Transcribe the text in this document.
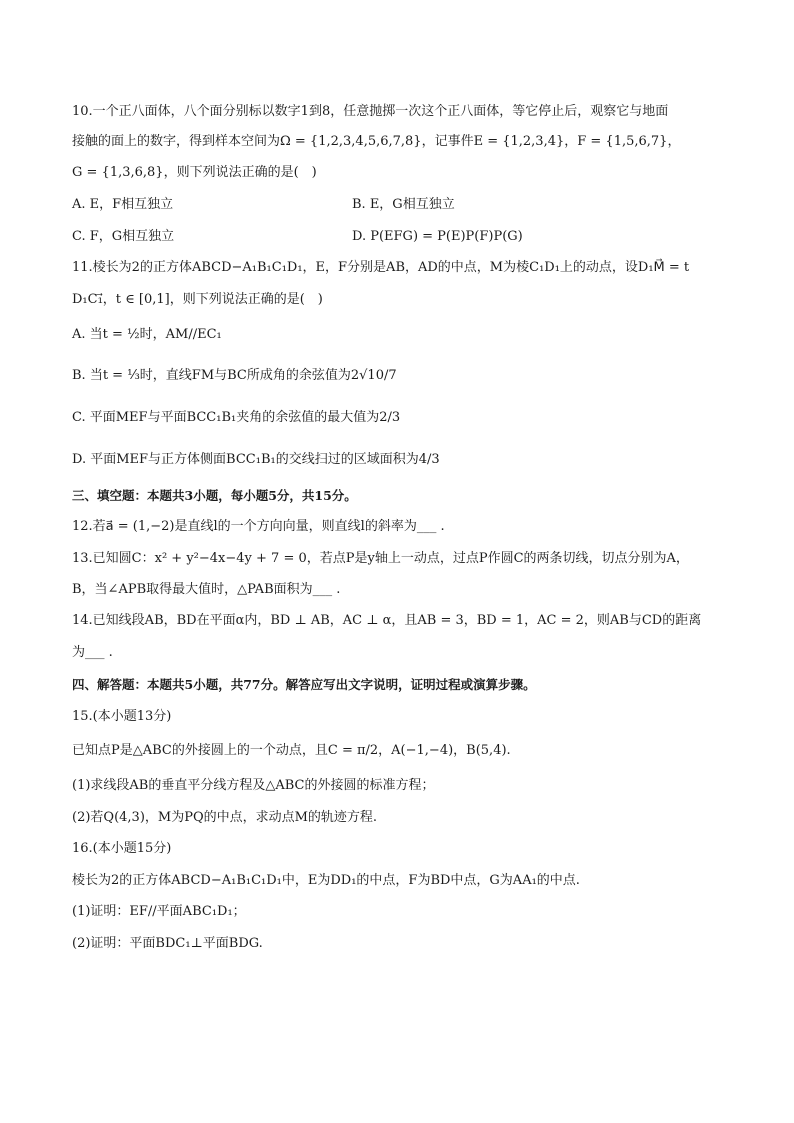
10.一个正八面体，八个面分别标以数字1到8，任意抛掷一次这个正八面体，等它停止后，观察它与地面
接触的面上的数字，得到样本空间为Ω = {1,2,3,4,5,6,7,8}，记事件E = {1,2,3,4}，F = {1,5,6,7}，
G = {1,3,6,8}，则下列说法正确的是(　)
A. E，F相互独立	B. E，G相互独立
C. F，G相互独立	D. P(EFG) = P(E)P(F)P(G)
11.棱长为2的正方体ABCD−A₁B₁C₁D₁，E，F分别是AB，AD的中点，M为棱C₁D₁上的动点，设D₁M⃗ = t
D₁C₁⃗，t ∈ [0,1]，则下列说法正确的是(　)
A. 当t = ½时，AM//EC₁
B. 当t = ⅓时，直线FM与BC所成角的余弦值为2√10/7
C. 平面MEF与平面BCC₁B₁夹角的余弦值的最大值为2/3
D. 平面MEF与正方体侧面BCC₁B₁的交线扫过的区域面积为4/3
三、填空题：本题共3小题，每小题5分，共15分。
12.若a⃗ = (1,−2)是直线l的一个方向向量，则直线l的斜率为___ .
13.已知圆C：x² + y²−4x−4y + 7 = 0，若点P是y轴上一动点，过点P作圆C的两条切线，切点分别为A，
B，当∠APB取得最大值时，△PAB面积为___ .
14.已知线段AB，BD在平面α内，BD ⊥ AB，AC ⊥ α，且AB = 3，BD = 1，AC = 2，则AB与CD的距离
为___ .
四、解答题：本题共5小题，共77分。解答应写出文字说明，证明过程或演算步骤。
15.(本小题13分)
已知点P是△ABC的外接圆上的一个动点，且C = π/2，A(−1,−4)，B(5,4).
(1)求线段AB的垂直平分线方程及△ABC的外接圆的标准方程；
(2)若Q(4,3)，M为PQ的中点，求动点M的轨迹方程.
16.(本小题15分)
棱长为2的正方体ABCD−A₁B₁C₁D₁中，E为DD₁的中点，F为BD中点，G为AA₁的中点.
(1)证明：EF//平面ABC₁D₁；
(2)证明：平面BDC₁⊥平面BDG.
